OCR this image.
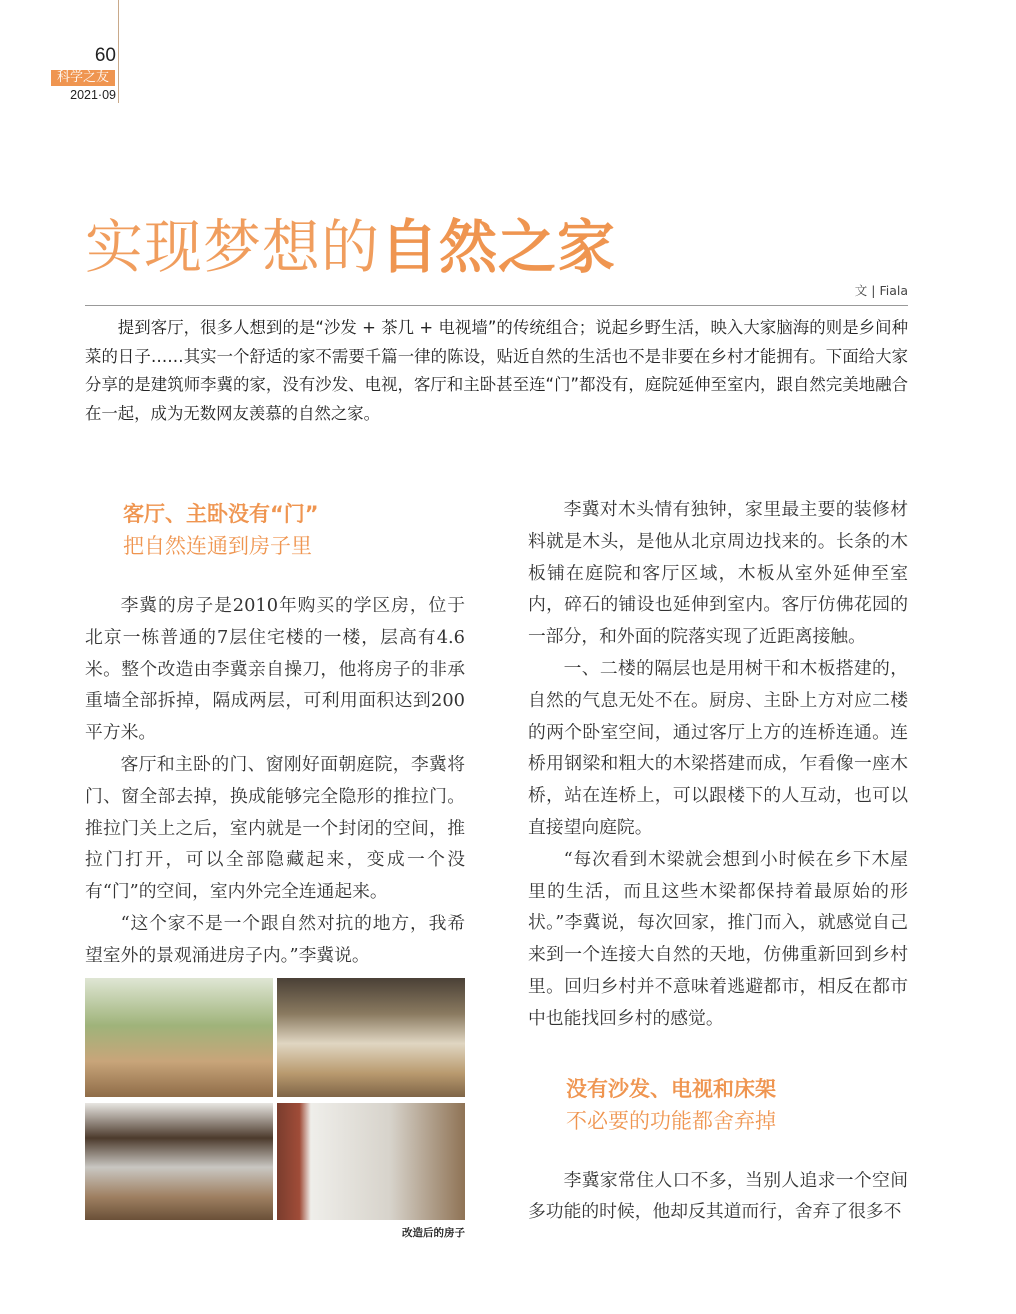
60
科学之友
2021·09
实现梦想的自然之家
文 | Fiala

提到客厅，很多人想到的是“沙发 + 茶几 + 电视墙”的传统组合；说起乡野生活，映入大家脑海的则是乡间种菜的日子……其实一个舒适的家不需要千篇一律的陈设，贴近自然的生活也不是非要在乡村才能拥有。下面给大家分享的是建筑师李冀的家，没有沙发、电视，客厅和主卧甚至连“门”都没有，庭院延伸至室内，跟自然完美地融合在一起，成为无数网友羡慕的自然之家。

客厅、主卧没有“门”
把自然连通到房子里

李冀的房子是2010年购买的学区房，位于北京一栋普通的7层住宅楼的一楼，层高有4.6米。整个改造由李冀亲自操刀，他将房子的非承重墙全部拆掉，隔成两层，可利用面积达到200平方米。

客厅和主卧的门、窗刚好面朝庭院，李冀将门、窗全部去掉，换成能够完全隐形的推拉门。推拉门关上之后，室内就是一个封闭的空间，推拉门打开，可以全部隐藏起来，变成一个没有“门”的空间，室内外完全连通起来。

“这个家不是一个跟自然对抗的地方，我希望室外的景观涌进房子内。”李冀说。

改造后的房子

李冀对木头情有独钟，家里最主要的装修材料就是木头，是他从北京周边找来的。长条的木板铺在庭院和客厅区域，木板从室外延伸至室内，碎石的铺设也延伸到室内。客厅仿佛花园的一部分，和外面的院落实现了近距离接触。

一、二楼的隔层也是用树干和木板搭建的，自然的气息无处不在。厨房、主卧上方对应二楼的两个卧室空间，通过客厅上方的连桥连通。连桥用钢梁和粗大的木梁搭建而成，乍看像一座木桥，站在连桥上，可以跟楼下的人互动，也可以直接望向庭院。

“每次看到木梁就会想到小时候在乡下木屋里的生活，而且这些木梁都保持着最原始的形状。”李冀说，每次回家，推门而入，就感觉自己来到一个连接大自然的天地，仿佛重新回到乡村里。回归乡村并不意味着逃避都市，相反在都市中也能找回乡村的感觉。

没有沙发、电视和床架
不必要的功能都舍弃掉

李冀家常住人口不多，当别人追求一个空间多功能的时候，他却反其道而行，舍弃了很多不
